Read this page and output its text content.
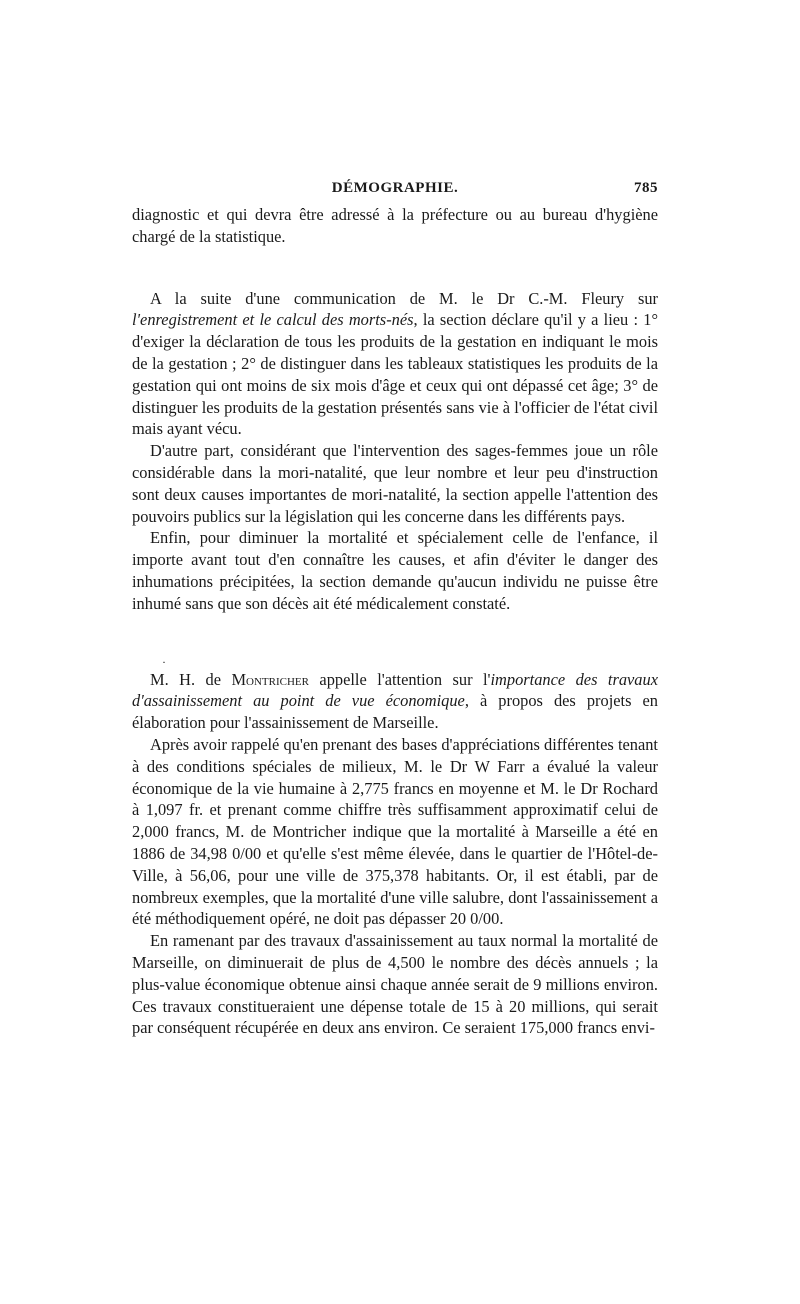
DÉMOGRAPHIE.	785

diagnostic et qui devra être adressé à la préfecture ou au bureau d'hygiène chargé de la statistique.

A la suite d'une communication de M. le Dr C.-M. Fleury sur l'enregistrement et le calcul des morts-nés, la section déclare qu'il y a lieu : 1° d'exiger la déclaration de tous les produits de la gestation en indiquant le mois de la gestation ; 2° de distinguer dans les tableaux statistiques les produits de la gestation qui ont moins de six mois d'âge et ceux qui ont dépassé cet âge; 3° de distinguer les produits de la gestation présentés sans vie à l'officier de l'état civil mais ayant vécu.

D'autre part, considérant que l'intervention des sages-femmes joue un rôle considérable dans la mori-natalité, que leur nombre et leur peu d'instruction sont deux causes importantes de mori-natalité, la section appelle l'attention des pouvoirs publics sur la législation qui les concerne dans les différents pays.

Enfin, pour diminuer la mortalité et spécialement celle de l'enfance, il importe avant tout d'en connaître les causes, et afin d'éviter le danger des inhumations précipitées, la section demande qu'aucun individu ne puisse être inhumé sans que son décès ait été médicalement constaté.

·

M. H. de Montricher appelle l'attention sur l'importance des travaux d'assainissement au point de vue économique, à propos des projets en élaboration pour l'assainissement de Marseille.

Après avoir rappelé qu'en prenant des bases d'appréciations différentes tenant à des conditions spéciales de milieux, M. le Dr W Farr a évalué la valeur économique de la vie humaine à 2,775 francs en moyenne et M. le Dr Rochard à 1,097 fr. et prenant comme chiffre très suffisamment approximatif celui de 2,000 francs, M. de Montricher indique que la mortalité à Marseille a été en 1886 de 34,98 0/00 et qu'elle s'est même élevée, dans le quartier de l'Hôtel-de-Ville, à 56,06, pour une ville de 375,378 habitants. Or, il est établi, par de nombreux exemples, que la mortalité d'une ville salubre, dont l'assainissement a été méthodiquement opéré, ne doit pas dépasser 20 0/00.

En ramenant par des travaux d'assainissement au taux normal la mortalité de Marseille, on diminuerait de plus de 4,500 le nombre des décès annuels ; la plus-value économique obtenue ainsi chaque année serait de 9 millions environ. Ces travaux constitueraient une dépense totale de 15 à 20 millions, qui serait par conséquent récupérée en deux ans environ. Ce seraient 175,000 francs envi-
